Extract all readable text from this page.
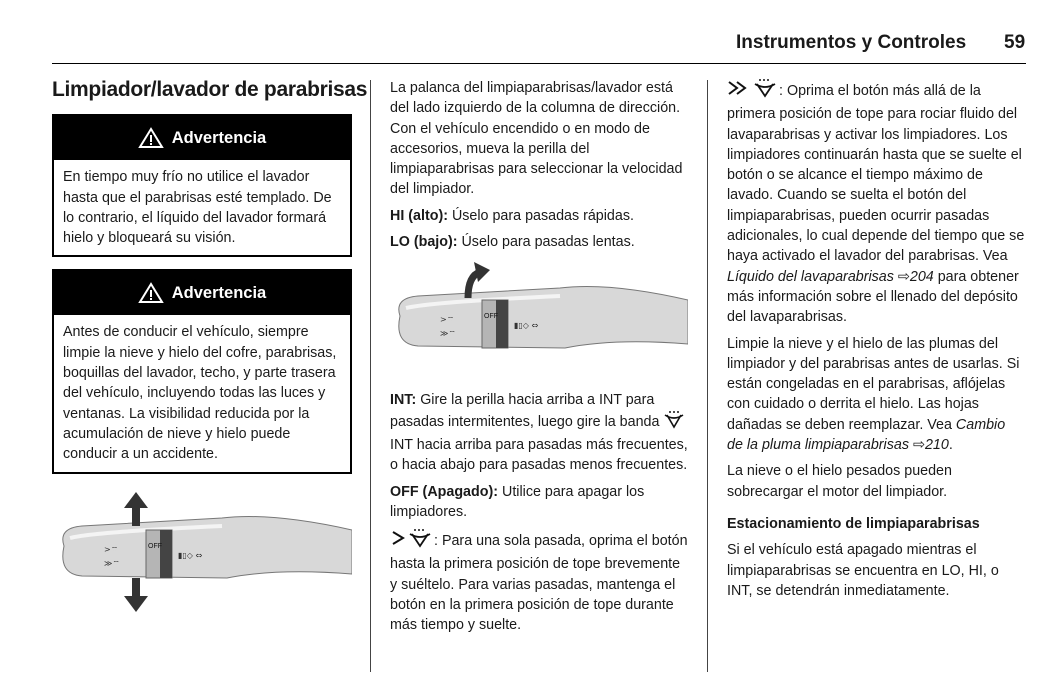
Instrumentos y Controles 59
Limpiador/lavador de parabrisas
Advertencia
En tiempo muy frío no utilice el lavador hasta que el parabrisas esté templado. De lo contrario, el líquido del lavador formará hielo y bloqueará su visión.
Advertencia
Antes de conducir el vehículo, siempre limpie la nieve y hielo del cofre, parabrisas, boquillas del lavador, techo, y parte trasera del vehículo, incluyendo todas las luces y ventanas. La visibilidad reducida por la acumulación de nieve y hielo puede conducir a un accidente.
OFF
>⌔
≫⌔
▮▯◇ ⇔

La palanca del limpiaparabrisas/lavador está del lado izquierdo de la columna de dirección. Con el vehículo encendido o en modo de accesorios, mueva la perilla del limpiaparabrisas para seleccionar la velocidad del limpiador.

HI (alto): Úselo para pasadas rápidas.

LO (bajo): Úselo para pasadas lentas.

OFF
>⌔
≫⌔
▮▯◇ ⇔

INT: Gire la perilla hacia arriba a INT para pasadas intermitentes, luego gire la banda  INT hacia arriba para pasadas más frecuentes, o hacia abajo para pasadas menos frecuentes.

OFF (Apagado): Utilice para apagar los limpiadores.

: Para una sola pasada, oprima el botón hasta la primera posición de tope brevemente y suéltelo. Para varias pasadas, mantenga el botón en la primera posición de tope durante más tiempo y suelte.

: Oprima el botón más allá de la primera posición de tope para rociar fluido del lavaparabrisas y activar los limpiadores. Los limpiadores continuarán hasta que se suelte el botón o se alcance el tiempo máximo de lavado. Cuando se suelta el botón del limpiaparabrisas, pueden ocurrir pasadas adicionales, lo cual depende del tiempo que se haya activado el lavador del parabrisas. Vea Líquido del lavaparabrisas ⇨204 para obtener más información sobre el llenado del depósito del lavaparabrisas.

Limpie la nieve y el hielo de las plumas del limpiador y del parabrisas antes de usarlas. Si están congeladas en el parabrisas, aflójelas con cuidado o derrita el hielo. Las hojas dañadas se deben reemplazar. Vea Cambio de la pluma limpiaparabrisas ⇨210.

La nieve o el hielo pesados pueden sobrecargar el motor del limpiador.

Estacionamiento de limpiaparabrisas

Si el vehículo está apagado mientras el limpiaparabrisas se encuentra en LO, HI, o INT, se detendrán inmediatamente.
